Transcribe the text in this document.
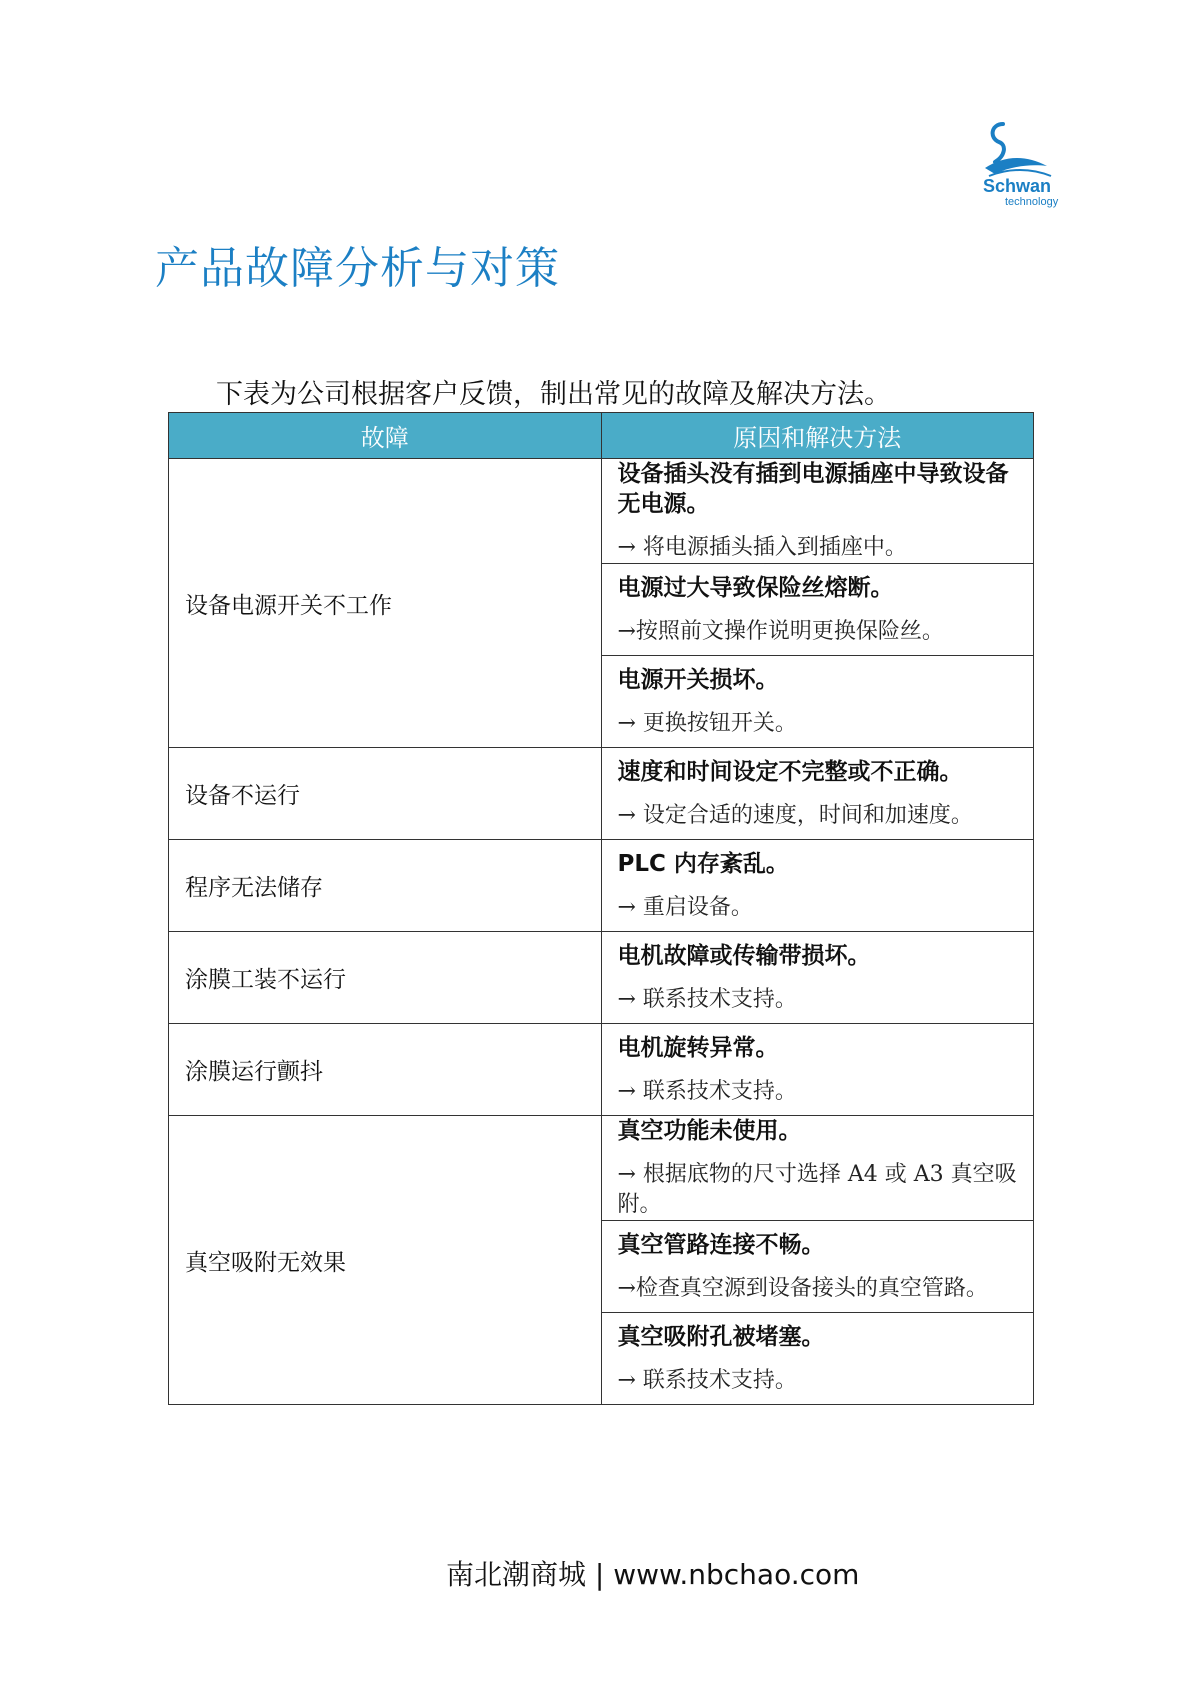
Schwan
technology
产品故障分析与对策

下表为公司根据客户反馈，制出常见的故障及解决方法。

故障	原因和解决方法
设备电源开关不工作	设备插头没有插到电源插座中导致设备无电源。
→ 将电源插头插入到插座中。

	电源过大导致保险丝熔断。
→按照前文操作说明更换保险丝。

	电源开关损坏。
→ 更换按钮开关。

设备不运行	速度和时间设定不完整或不正确。
→ 设定合适的速度，时间和加速度。

程序无法储存	PLC 内存紊乱。
→ 重启设备。

涂膜工装不运行	电机故障或传输带损坏。
→ 联系技术支持。

涂膜运行颤抖	电机旋转异常。
→ 联系技术支持。

真空吸附无效果	真空功能未使用。
→ 根据底物的尺寸选择 A4 或 A3 真空吸附。

	真空管路连接不畅。
→检查真空源到设备接头的真空管路。

	真空吸附孔被堵塞。
→ 联系技术支持。
南北潮商城 | www.nbchao.com
